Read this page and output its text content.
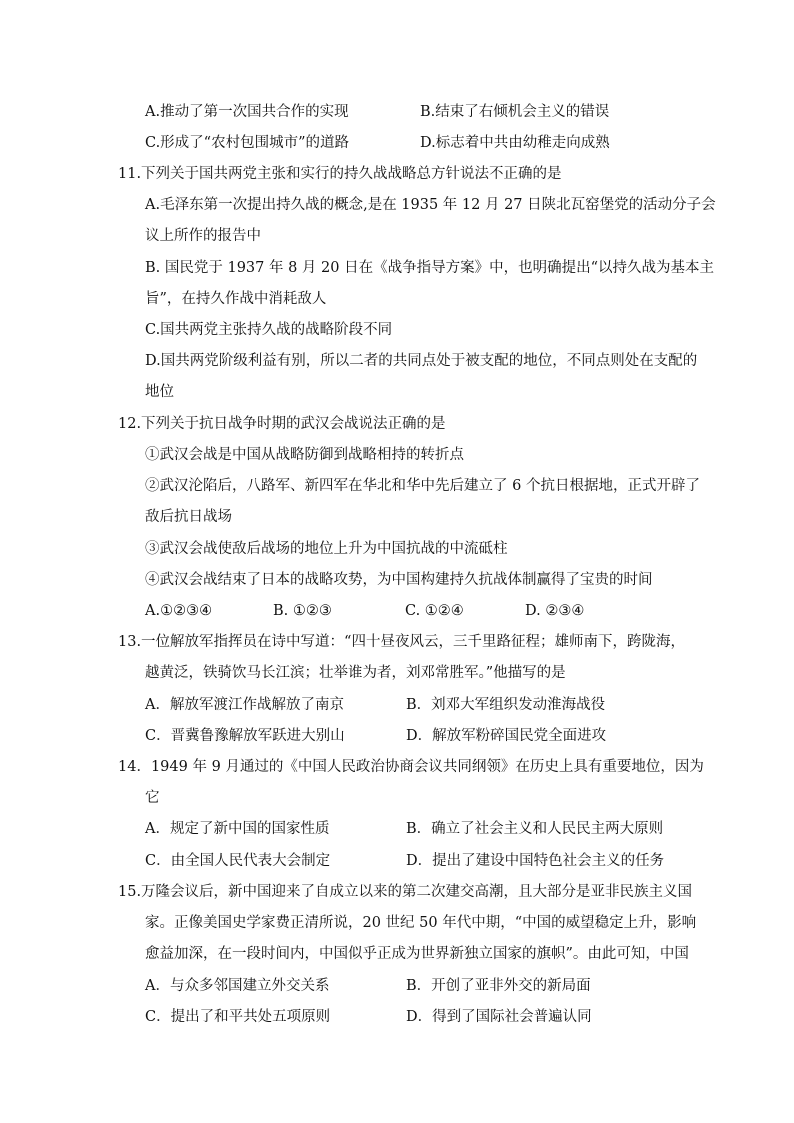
A.推动了第一次国共合作的实现	B.结束了右倾机会主义的错误
C.形成了“农村包围城市”的道路	D.标志着中共由幼稚走向成熟
11.下列关于国共两党主张和实行的持久战战略总方针说法不正确的是
A.毛泽东第一次提出持久战的概念,是在 1935 年 12 月 27 日陕北瓦窑堡党的活动分子会
议上所作的报告中
B. 国民党于 1937 年 8 月 20 日在《战争指导方案》中，也明确提出“以持久战为基本主
旨”，在持久作战中消耗敌人
C.国共两党主张持久战的战略阶段不同
D.国共两党阶级利益有别，所以二者的共同点处于被支配的地位，不同点则处在支配的
地位
12.下列关于抗日战争时期的武汉会战说法正确的是
①武汉会战是中国从战略防御到战略相持的转折点
②武汉沦陷后，八路军、新四军在华北和华中先后建立了 6 个抗日根据地，正式开辟了
敌后抗日战场
③武汉会战使敌后战场的地位上升为中国抗战的中流砥柱
④武汉会战结束了日本的战略攻势，为中国构建持久抗战体制赢得了宝贵的时间
A.①②③④	B. ①②③	C. ①②④	D. ②③④
13.一位解放军指挥员在诗中写道：“四十昼夜风云，三千里路征程；雄师南下，跨陇海，
越黄泛，铁骑饮马长江滨；壮举谁为者，刘邓常胜军。”他描写的是
A．解放军渡江作战解放了南京	B．刘邓大军组织发动淮海战役
C．晋冀鲁豫解放军跃进大别山	D．解放军粉碎国民党全面进攻
14．1949 年 9 月通过的《中国人民政治协商会议共同纲领》在历史上具有重要地位，因为
它
A．规定了新中国的国家性质	B．确立了社会主义和人民民主两大原则
C．由全国人民代表大会制定	D．提出了建设中国特色社会主义的任务
15.万隆会议后，新中国迎来了自成立以来的第二次建交高潮，且大部分是亚非民族主义国
家。正像美国史学家费正清所说，20 世纪 50 年代中期，“中国的威望稳定上升，影响
愈益加深，在一段时间内，中国似乎正成为世界新独立国家的旗帜”。由此可知，中国
A．与众多邻国建立外交关系	B．开创了亚非外交的新局面
C．提出了和平共处五项原则	D．得到了国际社会普遍认同
